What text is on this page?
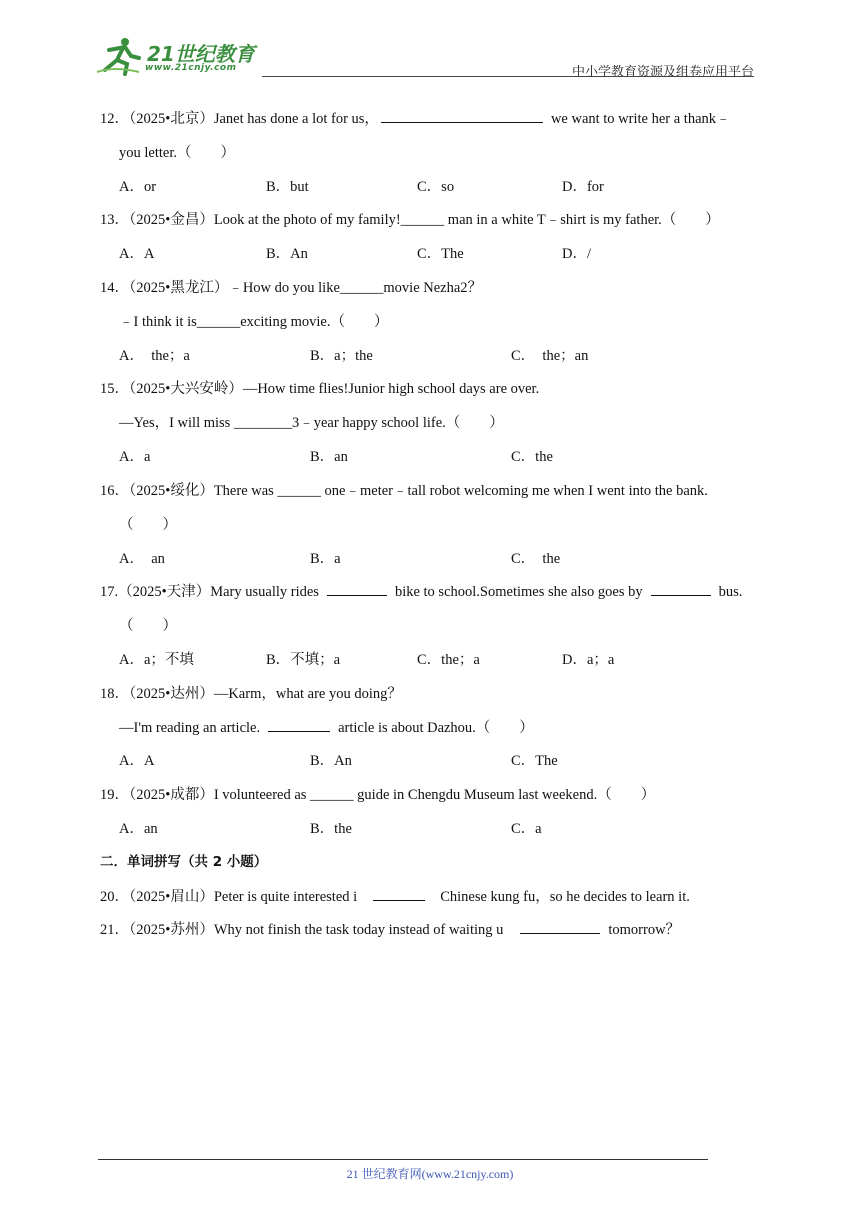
21世纪教育
www.21cnjy.com	中小学教育资源及组卷应用平台
12．（2025•北京）Janet has done a lot for us，	we want to write her a thank﹣
you letter.（　　）
A．or	B．but	C．so	D．for
13．（2025•金昌）Look at the photo of my family!______ man in a white T﹣shirt is my father.（　　）
A．A	B．An	C．The	D．/
14．（2025•黑龙江）﹣How do you like______movie Nezha2？
﹣I think it is______exciting movie.（　　）
A．　the；a	B．a；the	C．　the；an
15．（2025•大兴安岭）—How time flies!Junior high school days are over.
—Yes，I will miss ________3﹣year happy school life.（　　）
A．a	B．an	C．the
16．（2025•绥化）There was ______ one﹣meter﹣tall robot welcoming me when I went into the bank.
（　　）
A．　an	B．a	C．　the
17.（2025•天津）Mary usually rides	bike to school.Sometimes she also goes by	bus.
（　　）
A．a；不填	B．不填；a	C．the；a	D．a；a
18．（2025•达州）—Karm，what are you doing？
—I'm reading an article.	article is about Dazhou.（　　）
A．A	B．An	C．The
19．（2025•成都）I volunteered as ______ guide in Chengdu Museum last weekend.（　　）
A．an	B．the	C．a
二．单词拼写（共 2 小题）
20．（2025•眉山）Peter is quite interested i	Chinese kung fu，so he decides to learn it.
21．（2025•苏州）Why not finish the task today instead of waiting u	tomorrow？
21 世纪教育网(www.21cnjy.com)
